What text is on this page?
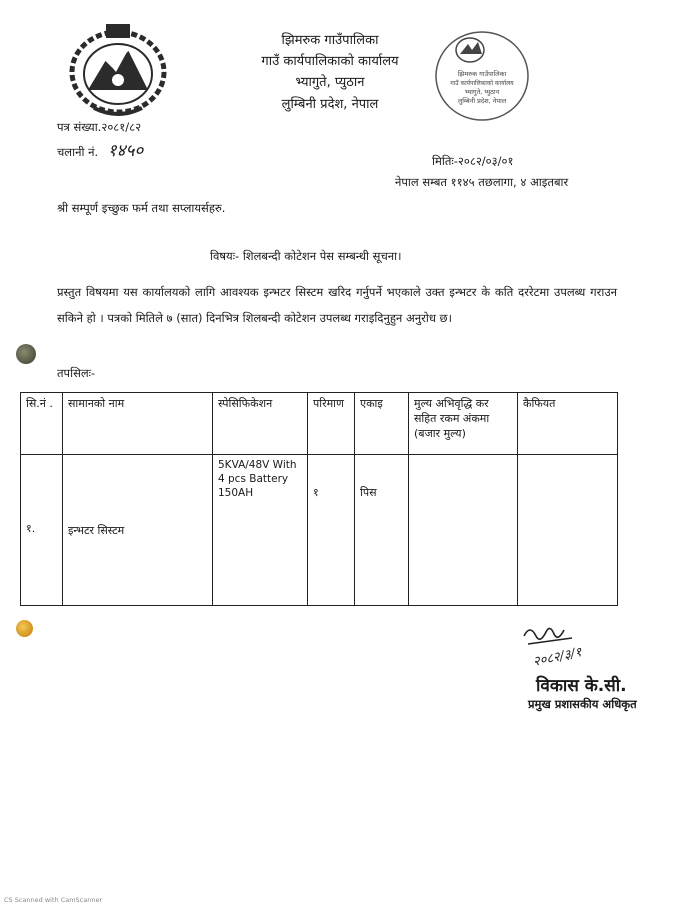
झिमरुक गाउँपालिका
गाउँ कार्यपालिकाको कार्यालय
भ्यागुते, प्युठान
लुम्बिनी प्रदेश, नेपाल
झिमरुक गाउँपालिका
गाउँ कार्यपालिकाको कार्यालय
भ्यागुते, प्युठान
लुम्बिनी प्रदेश, नेपाल
पत्र संख्या.२०८१/८२
चलानी नं. १४५०	मितिः-२०८२/०३/०१
नेपाल सम्बत ११४५ तछलागा, ४ आइतबार
श्री सम्पूर्ण इच्छुक फर्म तथा सप्लायर्सहरु.
विषयः- शिलबन्दी कोटेशन पेस सम्बन्धी सूचना।
प्रस्तुत विषयमा यस कार्यालयको लागि आवश्यक इन्भटर सिस्टम खरिद गर्नुपर्ने भएकाले उक्त इन्भटर के कति दररेटमा उपलब्ध गराउन सकिने हो । पत्रको मितिले ७ (सात) दिनभित्र शिलबन्दी कोटेशन उपलब्ध गराइदिनुहुन अनुरोध छ।
तपसिलः-
सि.नं .	सामानको नाम	स्पेसिफिकेशन	परिमाण	एकाइ	मुल्य अभिवृद्धि कर सहित रकम अंकमा (बजार मुल्य)	कैफियत
१.	इन्भटर सिस्टम	5KVA/48V With 4 pcs Battery 150AH	१	पिस		
२०८२/३/१
विकास के.सी.
प्रमुख प्रशासकीय अधिकृत
CS Scanned with CamScanner
